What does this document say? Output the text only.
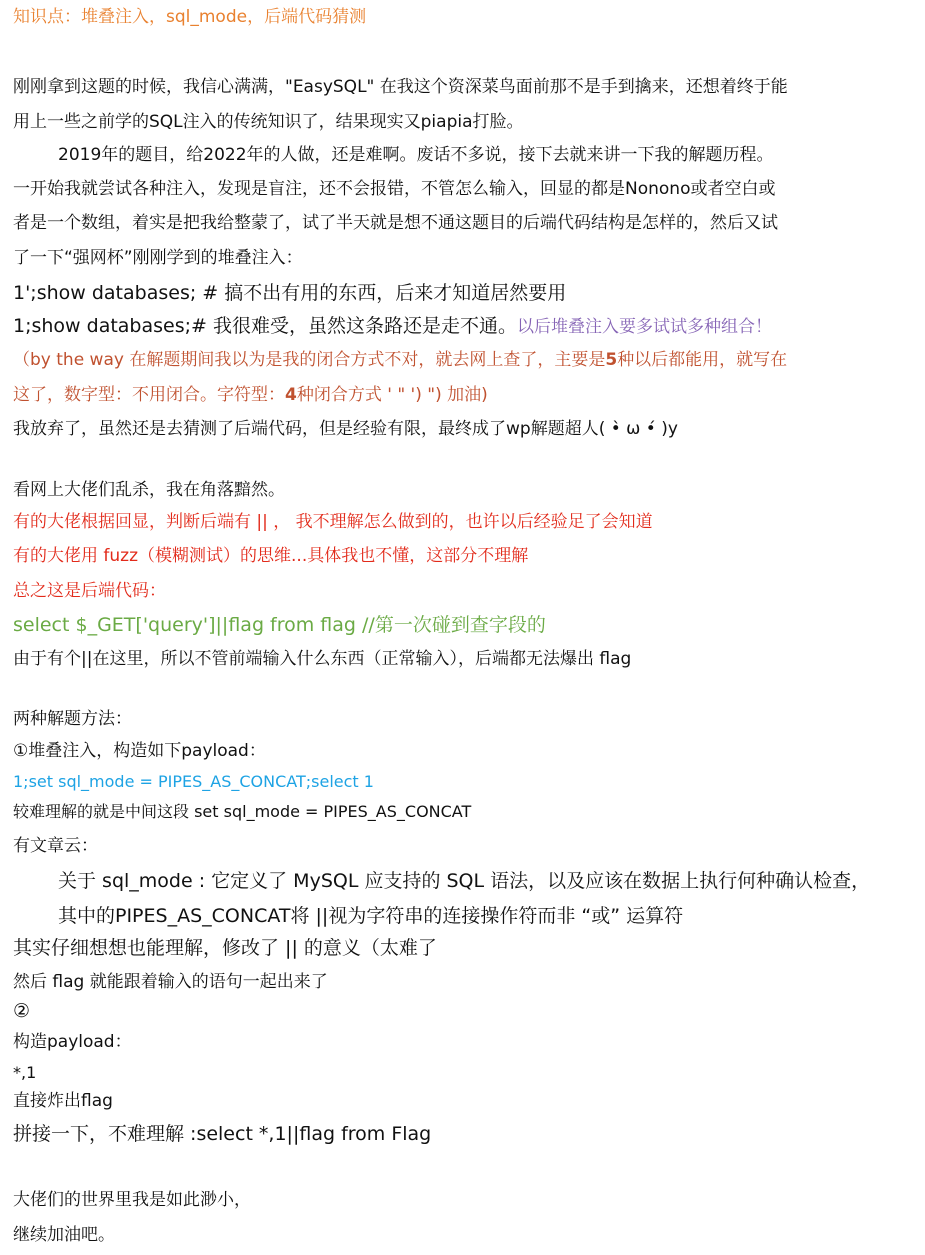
知识点：堆叠注入，sql_mode，后端代码猜测
刚刚拿到这题的时候，我信心满满，"EasySQL" 在我这个资深菜鸟面前那不是手到擒来，还想着终于能
用上一些之前学的SQL注入的传统知识了，结果现实又piapia打脸。
2019年的题目，给2022年的人做，还是难啊。废话不多说，接下去就来讲一下我的解题历程。
一开始我就尝试各种注入，发现是盲注，还不会报错，不管怎么输入，回显的都是Nonono或者空白或
者是一个数组，着实是把我给整蒙了，试了半天就是想不通这题目的后端代码结构是怎样的，然后又试
了一下“强网杯”刚刚学到的堆叠注入：
1';show databases; # 搞不出有用的东西，后来才知道居然要用
1;show databases;# 我很难受，虽然这条路还是走不通。以后堆叠注入要多试试多种组合！
（by the way 在解题期间我以为是我的闭合方式不对，就去网上查了，主要是5种以后都能用，就写在
这了，数字型：不用闭合。字符型：4种闭合方式 ' " ') ") 加油)
我放弃了，虽然还是去猜测了后端代码，但是经验有限，最终成了wp解题超人( •̀ ω •́ )y
看网上大佬们乱杀，我在角落黯然。
有的大佬根据回显，判断后端有 || ， 我不理解怎么做到的，也许以后经验足了会知道
有的大佬用 fuzz（模糊测试）的思维...具体我也不懂，这部分不理解
总之这是后端代码：
select $_GET['query']||flag from flag //第一次碰到查字段的
由于有个||在这里，所以不管前端输入什么东西（正常输入），后端都无法爆出 flag
两种解题方法：
①堆叠注入，构造如下payload：
1;set sql_mode = PIPES_AS_CONCAT;select 1
较难理解的就是中间这段 set sql_mode = PIPES_AS_CONCAT
有文章云：
关于 sql_mode : 它定义了 MySQL 应支持的 SQL 语法，以及应该在数据上执行何种确认检查，
其中的PIPES_AS_CONCAT将 ||视为字符串的连接操作符而非 “或” 运算符
其实仔细想想也能理解，修改了 || 的意义（太难了
然后 flag 就能跟着输入的语句一起出来了
②
构造payload：
*,1
直接炸出flag
拼接一下，不难理解 :select *,1||flag from Flag
大佬们的世界里我是如此渺小，
继续加油吧。
